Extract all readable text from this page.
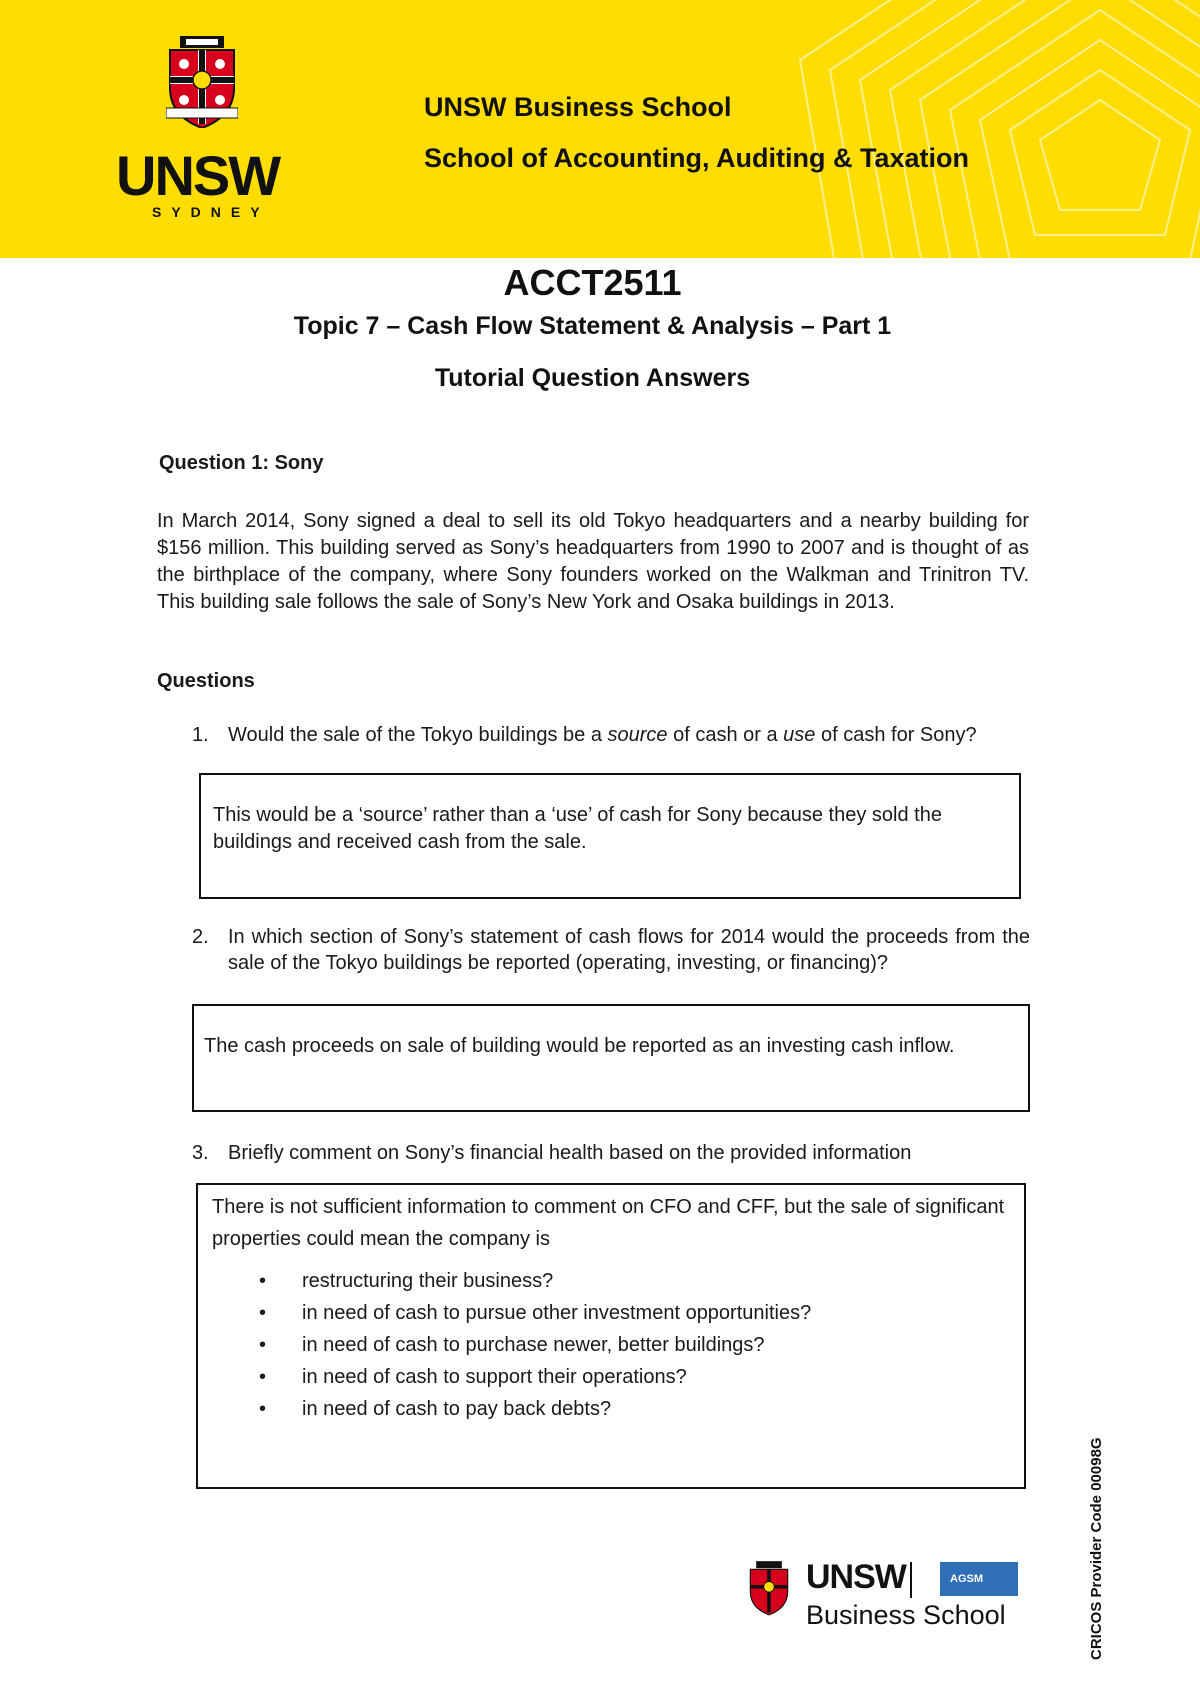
UNSW
SYDNEY
UNSW Business School
School of Accounting, Auditing & Taxation
ACCT2511
Topic 7 – Cash Flow Statement & Analysis – Part 1
Tutorial Question Answers
Question 1: Sony

In March 2014, Sony signed a deal to sell its old Tokyo headquarters and a nearby building for $156 million. This building served as Sony’s headquarters from 1990 to 2007 and is thought of as the birthplace of the company, where Sony founders worked on the Walkman and Trinitron TV. This building sale follows the sale of Sony’s New York and Osaka buildings in 2013.

Questions

1. Would the sale of the Tokyo buildings be a source of cash or a use of cash for Sony?

This would be a ‘source’ rather than a ‘use’ of cash for Sony because they sold the buildings and received cash from the sale.

2. In which section of Sony’s statement of cash flows for 2014 would the proceeds from the sale of the Tokyo buildings be reported (operating, investing, or financing)?

The cash proceeds on sale of building would be reported as an investing cash inflow.

3. Briefly comment on Sony’s financial health based on the provided information

There is not sufficient information to comment on CFO and CFF, but the sale of significant properties could mean the company is

• restructuring their business?
• in need of cash to pursue other investment opportunities?
• in need of cash to purchase newer, better buildings?
• in need of cash to support their operations?
• in need of cash to pay back debts?
UNSW	AGSM
Business School	CRICOS Provider Code 00098G
